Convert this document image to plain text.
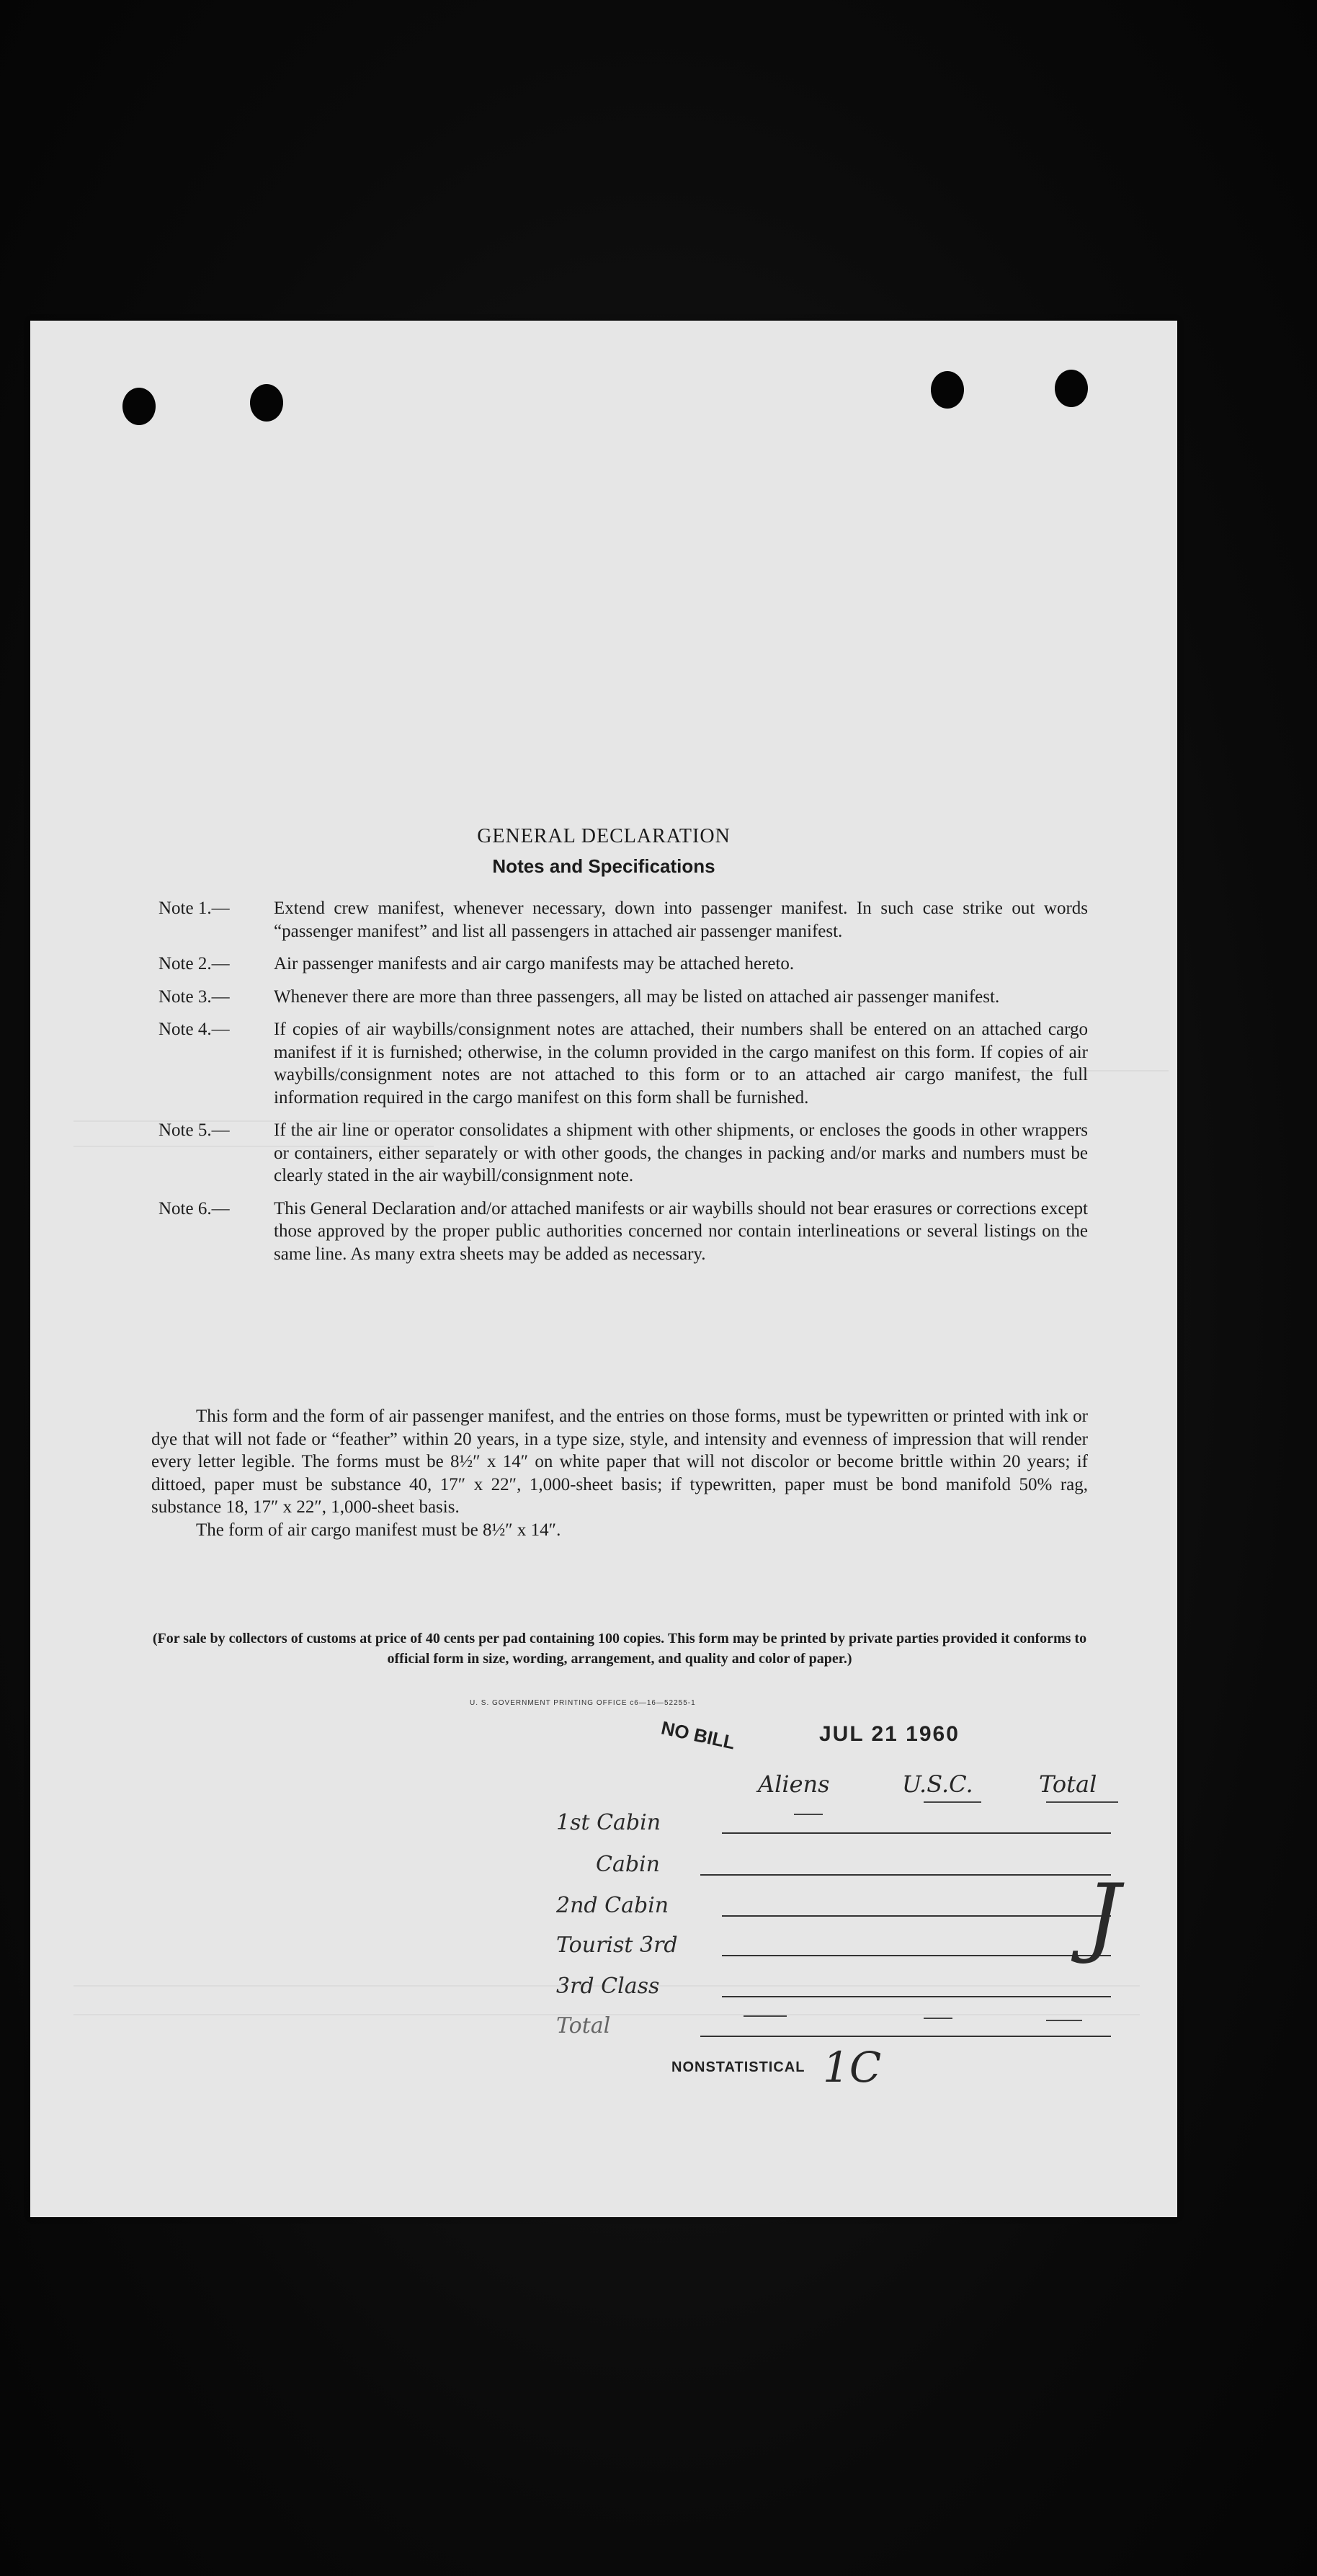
GENERAL DECLARATION
Notes and Specifications
Note 1.—	Extend crew manifest, whenever necessary, down into passenger manifest. In such case strike out words “passenger manifest” and list all passengers in attached air passenger manifest.
Note 2.—	Air passenger manifests and air cargo manifests may be attached hereto.
Note 3.—	Whenever there are more than three passengers, all may be listed on attached air passenger manifest.
Note 4.—	If copies of air waybills/consignment notes are attached, their numbers shall be entered on an attached cargo manifest if it is furnished; otherwise, in the column provided in the cargo manifest on this form. If copies of air waybills/consignment notes are not attached to this form or to an attached air cargo manifest, the full information required in the cargo manifest on this form shall be furnished.
Note 5.—	If the air line or operator consolidates a shipment with other shipments, or encloses the goods in other wrappers or containers, either separately or with other goods, the changes in packing and/or marks and numbers must be clearly stated in the air waybill/consignment note.
Note 6.—	This General Declaration and/or attached manifests or air waybills should not bear erasures or corrections except those approved by the proper public authorities concerned nor contain interlineations or several listings on the same line. As many extra sheets may be added as necessary.

This form and the form of air passenger manifest, and the entries on those forms, must be typewritten or printed with ink or dye that will not fade or “feather” within 20 years, in a type size, style, and intensity and evenness of impression that will render every letter legible. The forms must be 8½″ x 14″ on white paper that will not discolor or become brittle within 20 years; if dittoed, paper must be substance 40, 17″ x 22″, 1,000-sheet basis; if typewritten, paper must be bond manifold 50% rag, substance 18, 17″ x 22″, 1,000-sheet basis.

The form of air cargo manifest must be 8½″ x 14″.

(For sale by collectors of customs at price of 40 cents per pad containing 100 copies. This form may be printed by private parties provided it conforms to official form in size, wording, arrangement, and quality and color of paper.)
U. S. GOVERNMENT PRINTING OFFICE c6—16—52255-1
NO BILL	JUL 21 1960
Aliens	U.S.C.	Total
1st Cabin
Cabin
2nd Cabin
Tourist 3rd
3rd Class
Total
J
NONSTATISTICAL 1C
